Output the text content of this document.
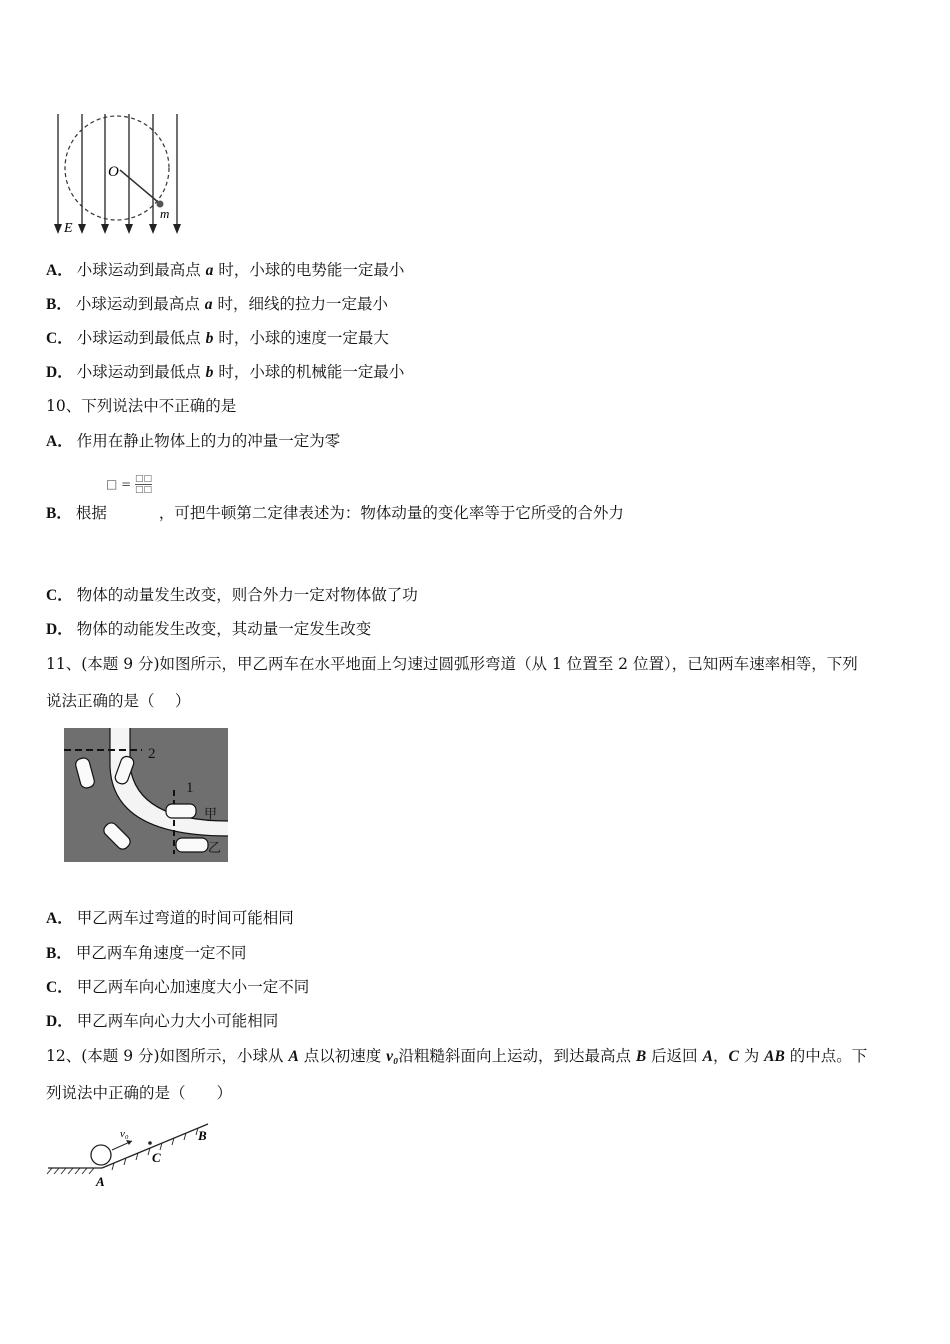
E
O
m
A． 小球运动到最高点 a 时，小球的电势能一定最小
B． 小球运动到最高点 a 时，细线的拉力一定最小
C． 小球运动到最低点 b 时，小球的速度一定最大
D． 小球运动到最低点 b 时，小球的机械能一定最小
10、下列说法中不正确的是
A． 作用在静止物体上的力的冲量一定为零
□ = $\frac{□□}{□□}$
B． 根据	，可把牛顿第二定律表述为：物体动量的变化率等于它所受的合外力
C． 物体的动量发生改变，则合外力一定对物体做了功
D． 物体的动能发生改变，其动量一定发生改变
11、(本题 9 分)如图所示，甲乙两车在水平地面上匀速过圆弧形弯道（从 1 位置至 2 位置），已知两车速率相等，下列
说法正确的是（　 ）
2
1
甲
乙
A． 甲乙两车过弯道的时间可能相同
B． 甲乙两车角速度一定不同
C． 甲乙两车向心加速度大小一定不同
D． 甲乙两车向心力大小可能相同
12、(本题 9 分)如图所示，小球从 A 点以初速度 v₀沿粗糙斜面向上运动，到达最高点 B 后返回 A，C 为 AB 的中点。下
列说法中正确的是（　　）
v₀
A
C
B
